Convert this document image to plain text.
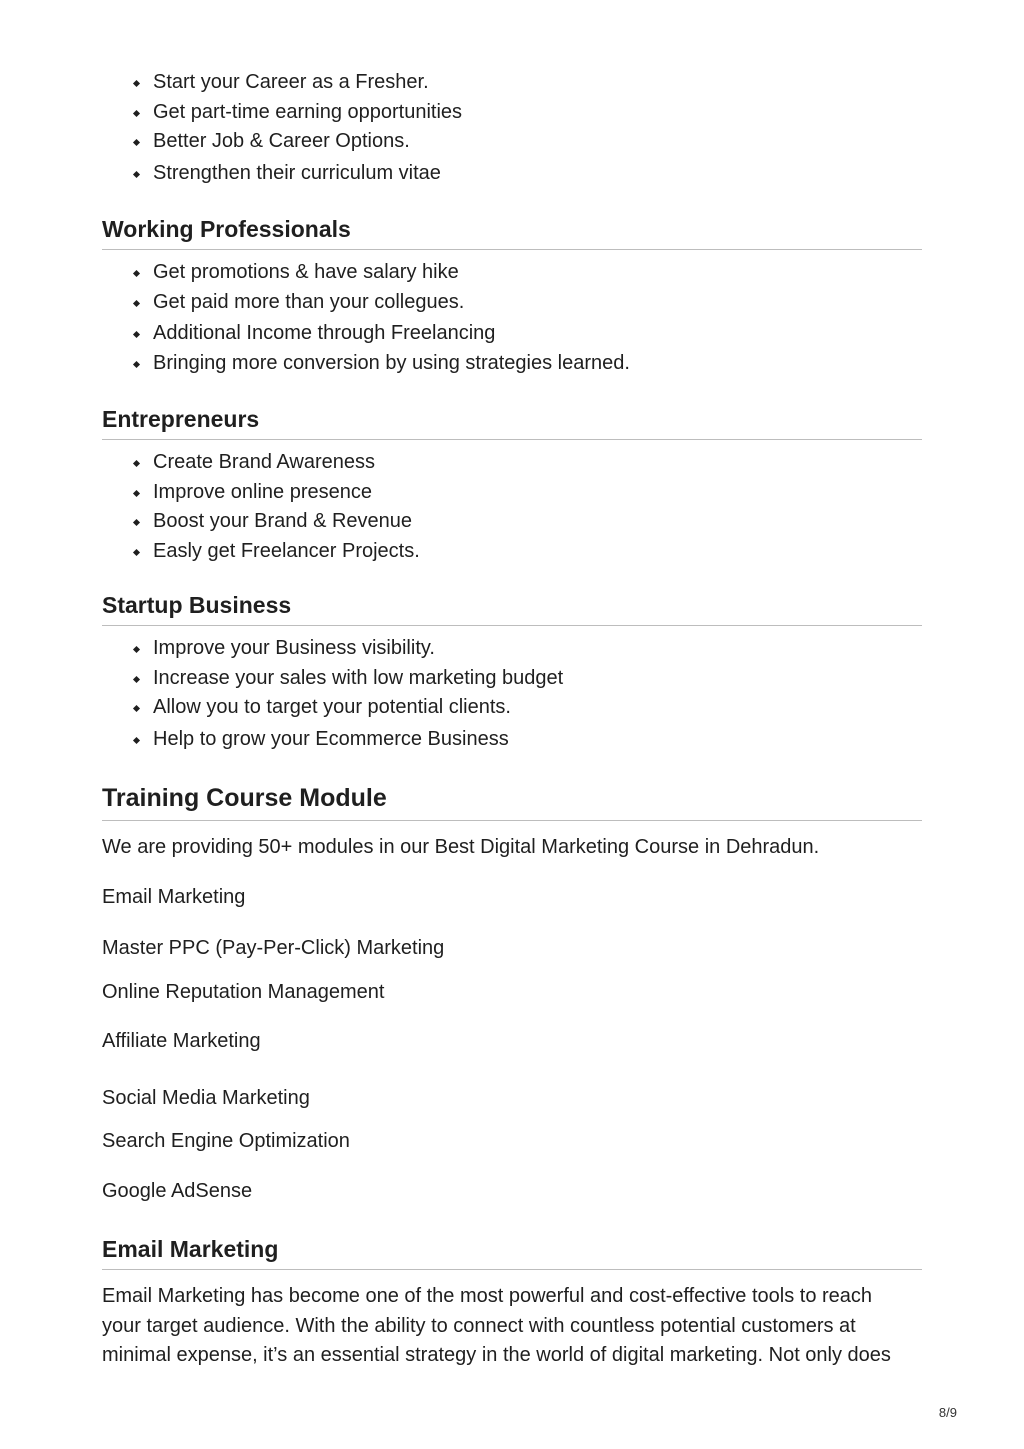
Start your Career as a Fresher.
Get part-time earning opportunities
Better Job & Career Options.
Strengthen their curriculum vitae
Working Professionals
Get promotions & have salary hike
Get paid more than your collegues.
Additional Income through Freelancing
Bringing more conversion by using strategies learned.
Entrepreneurs
Create Brand Awareness
Improve online presence
Boost your Brand & Revenue
Easly get Freelancer Projects.
Startup Business
Improve your Business visibility.
Increase your sales with low marketing budget
Allow you to target your potential clients.
Help to grow your Ecommerce Business
Training Course Module

We are providing 50+ modules in our Best Digital Marketing Course in Dehradun.

Email Marketing

Master PPC (Pay-Per-Click) Marketing

Online Reputation Management

Affiliate Marketing

Social Media Marketing

Search Engine Optimization

Google AdSense

Email Marketing

Email Marketing has become one of the most powerful and cost-effective tools to reach

your target audience. With the ability to connect with countless potential customers at

minimal expense, it’s an essential strategy in the world of digital marketing. Not only does

8/9
